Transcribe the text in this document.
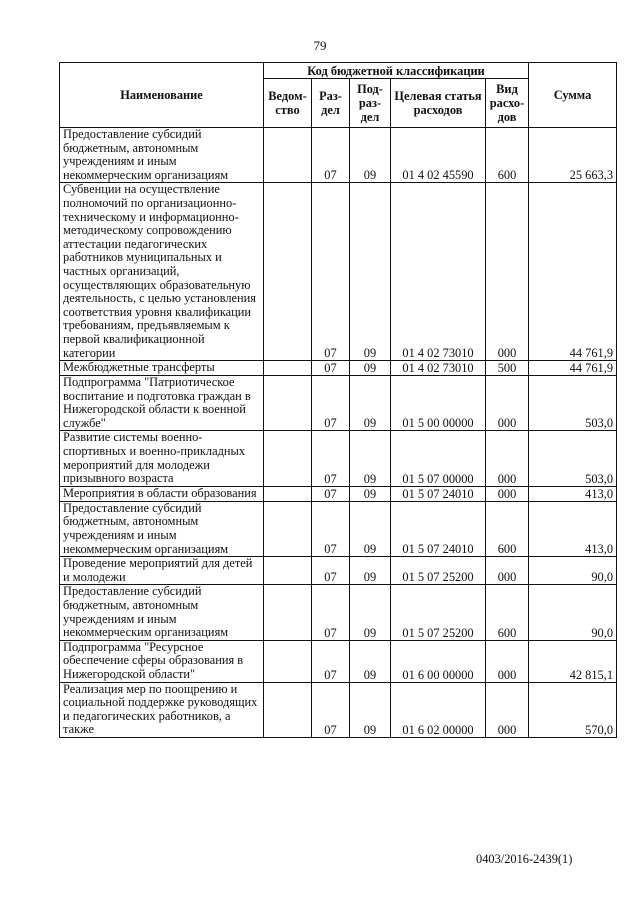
79
Наименование	Код бюджетной классификации					Сумма
	Ведом- ство	Раз- дел	Под- раз- дел	Целевая статья расходов	Вид расхо- дов	
Предоставление субсидий бюджетным, автономным учреждениям и иным некоммерческим организациям		07	09	01 4 02 45590	600	25 663,3
Субвенции на осуществление полномочий по организационно-техническому и информационно-методическому сопровождению аттестации педагогических работников муниципальных и частных организаций, осуществляющих образовательную деятельность, с целью установления соответствия уровня квалификации требованиям, предъявляемым к первой квалификационной категории		07	09	01 4 02 73010	000	44 761,9
Межбюджетные трансферты		07	09	01 4 02 73010	500	44 761,9
Подпрограмма "Патриотическое воспитание и подготовка граждан в Нижегородской области к военной службе"		07	09	01 5 00 00000	000	503,0
Развитие системы военно-спортивных и военно-прикладных мероприятий для молодежи призывного возраста		07	09	01 5 07 00000	000	503,0
Мероприятия в области образования		07	09	01 5 07 24010	000	413,0
Предоставление субсидий бюджетным, автономным учреждениям и иным некоммерческим организациям		07	09	01 5 07 24010	600	413,0
Проведение мероприятий для детей и молодежи		07	09	01 5 07 25200	000	90,0
Предоставление субсидий бюджетным, автономным учреждениям и иным некоммерческим организациям		07	09	01 5 07 25200	600	90,0
Подпрограмма "Ресурсное обеспечение сферы образования в Нижегородской области"		07	09	01 6 00 00000	000	42 815,1
Реализация мер по поощрению и социальной поддержке руководящих и педагогических работников, а также		07	09	01 6 02 00000	000	570,0
0403/2016-2439(1)
